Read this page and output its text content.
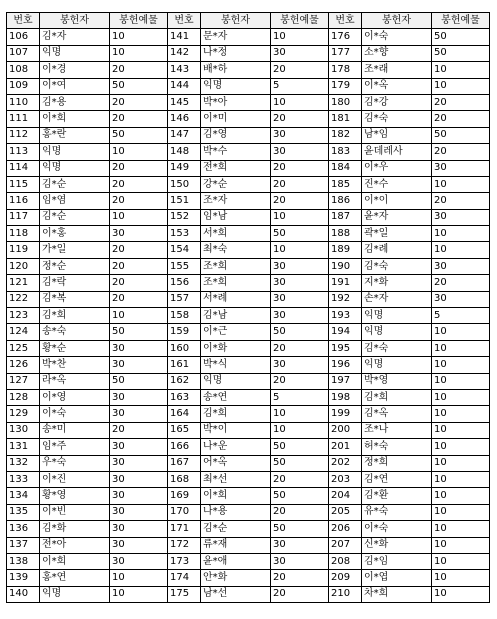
번호	봉헌자	봉헌예물	번호	봉헌자	봉헌예물	번호	봉헌자	봉헌예물
106	김*자	10	141	문*자	10	176	이*숙	50
107	익명	10	142	나*정	30	177	소*향	50
108	이*경	20	143	배*하	20	178	조*래	10
109	이*여	50	144	익명	5	179	이*옥	10
110	김*용	20	145	박*아	10	180	김*강	20
111	이*희	20	146	이*미	20	181	김*숙	20
112	홍*란	50	147	김*영	30	182	남*임	50
113	익명	10	148	박*수	30	183	윤데레사	20
114	익명	20	149	전*희	20	184	이*우	30
115	김*순	20	150	강*순	20	185	진*수	10
116	임*염	20	151	조*자	20	186	이*이	20
117	김*순	10	152	임*남	10	187	윤*자	30
118	이*홍	30	153	서*희	50	188	곽*일	10
119	가*일	20	154	최*숙	10	189	김*례	10
120	정*순	20	155	조*희	30	190	김*숙	30
121	김*락	20	156	조*희	30	191	지*화	20
122	김*복	20	157	서*례	30	192	손*자	30
123	김*희	10	158	김*남	30	193	익명	5
124	송*숙	50	159	이*근	50	194	익명	10
125	황*순	30	160	이*화	20	195	김*숙	10
126	박*찬	30	161	박*식	30	196	익명	10
127	라*옥	50	162	익명	20	197	박*영	10
128	이*영	30	163	송*연	5	198	김*희	10
129	이*숙	30	164	김*희	10	199	김*옥	10
130	송*미	20	165	박*이	10	200	조*나	10
131	임*주	30	166	나*운	50	201	허*숙	10
132	우*숙	30	167	어*옥	50	202	정*희	10
133	이*진	30	168	최*선	20	203	김*연	10
134	황*영	30	169	이*희	50	204	김*환	10
135	이*빈	30	170	나*용	20	205	유*숙	10
136	김*화	30	171	김*순	50	206	이*숙	10
137	전*아	30	172	류*재	30	207	신*화	10
138	이*희	30	173	윤*애	30	208	김*임	10
139	홍*연	10	174	안*화	20	209	이*엽	10
140	익명	10	175	남*선	20	210	차*희	10
